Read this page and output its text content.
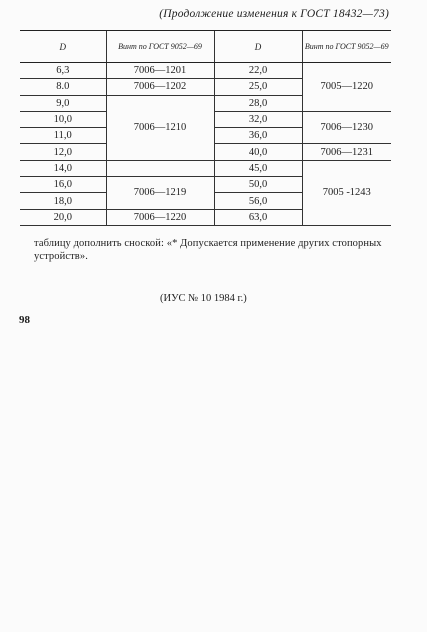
(Продолжение изменения к ГОСТ 18432—73)
D	Винт по ГОСТ 9052—69	D	Винт по ГОСТ 9052—69
6,3	7006—1201	22,0	7005—1220
8.0	7006—1202	25,0	
9,0	7006—1210	28,0	
10,0		32,0	7006—1230
11,0		36,0	
12,0		40,0	7006—1231
14,0		45,0	7005 -1243
16,0	7006—1219	50,0	
18,0		56,0	
20,0	7006—1220	63,0	
таблицу дополнить сноской: «* Допускается применение других стопорных устройств».
(ИУС № 10 1984 г.)
98
